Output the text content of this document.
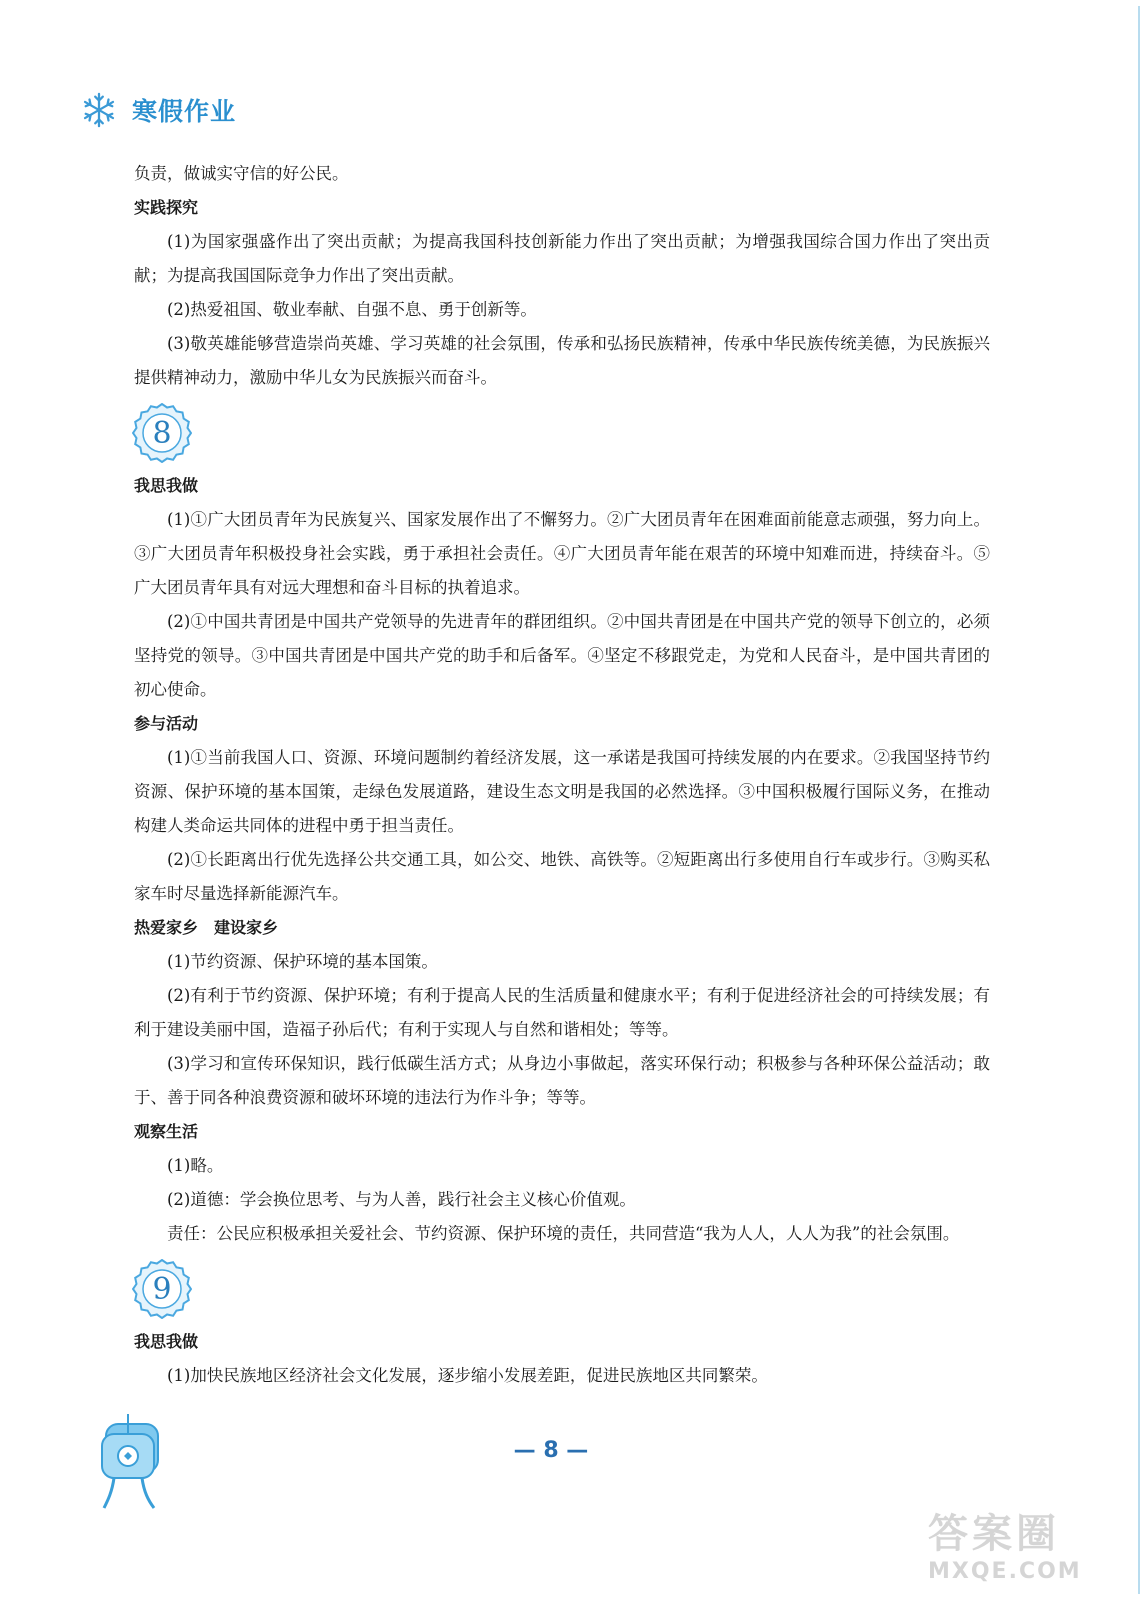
寒假作业

负责，做诚实守信的好公民。

实践探究

(1)为国家强盛作出了突出贡献；为提高我国科技创新能力作出了突出贡献；为增强我国综合国力作出了突出贡献；为提高我国国际竞争力作出了突出贡献。

(2)热爱祖国、敬业奉献、自强不息、勇于创新等。

(3)敬英雄能够营造崇尚英雄、学习英雄的社会氛围，传承和弘扬民族精神，传承中华民族传统美德，为民族振兴提供精神动力，激励中华儿女为民族振兴而奋斗。

8

我思我做

(1)①广大团员青年为民族复兴、国家发展作出了不懈努力。②广大团员青年在困难面前能意志顽强，努力向上。③广大团员青年积极投身社会实践，勇于承担社会责任。④广大团员青年能在艰苦的环境中知难而进，持续奋斗。⑤广大团员青年具有对远大理想和奋斗目标的执着追求。

(2)①中国共青团是中国共产党领导的先进青年的群团组织。②中国共青团是在中国共产党的领导下创立的，必须坚持党的领导。③中国共青团是中国共产党的助手和后备军。④坚定不移跟党走，为党和人民奋斗，是中国共青团的初心使命。

参与活动

(1)①当前我国人口、资源、环境问题制约着经济发展，这一承诺是我国可持续发展的内在要求。②我国坚持节约资源、保护环境的基本国策，走绿色发展道路，建设生态文明是我国的必然选择。③中国积极履行国际义务，在推动构建人类命运共同体的进程中勇于担当责任。

(2)①长距离出行优先选择公共交通工具，如公交、地铁、高铁等。②短距离出行多使用自行车或步行。③购买私家车时尽量选择新能源汽车。

热爱家乡　建设家乡

(1)节约资源、保护环境的基本国策。

(2)有利于节约资源、保护环境；有利于提高人民的生活质量和健康水平；有利于促进经济社会的可持续发展；有利于建设美丽中国，造福子孙后代；有利于实现人与自然和谐相处；等等。

(3)学习和宣传环保知识，践行低碳生活方式；从身边小事做起，落实环保行动；积极参与各种环保公益活动；敢于、善于同各种浪费资源和破坏环境的违法行为作斗争；等等。

观察生活

(1)略。

(2)道德：学会换位思考、与为人善，践行社会主义核心价值观。

责任：公民应积极承担关爱社会、节约资源、保护环境的责任，共同营造“我为人人，人人为我”的社会氛围。

9

我思我做

(1)加快民族地区经济社会文化发展，逐步缩小发展差距，促进民族地区共同繁荣。

— 8 —
答案圈
MXQE.COM
